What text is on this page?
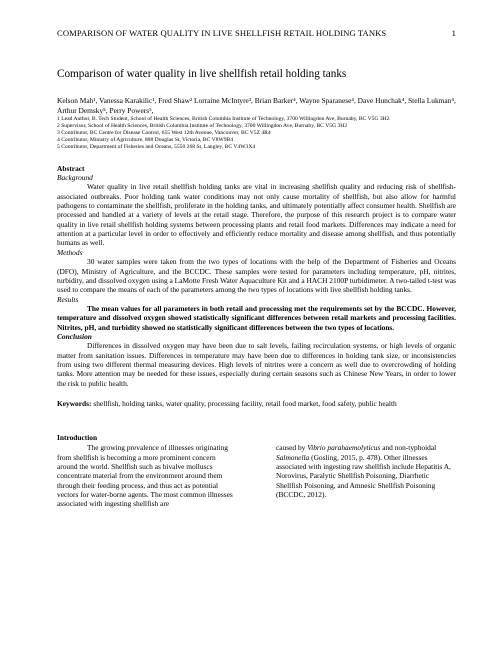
COMPARISON OF WATER QUALITY IN LIVE SHELLFISH RETAIL HOLDING TANKS	1
Comparison of water quality in live shellfish retail holding tanks
Kelson Mah¹, Vanessa Karakilic¹, Fred Shaw² Lorraine McIntyre³, Brian Barker⁴, Wayne Sparanese⁴, Dave Hunchak⁴, Stella Lukman⁴, Arthur Demsky⁵, Perry Powers⁵,
1 Lead Author, B. Tech Student, School of Health Sciences, British Columbia Institute of Technology, 3700 Willingdon Ave, Burnaby, BC V5G 3H2
2 Supervisor, School of Health Sciences, British Columbia Institute of Technology, 3700 Willingdon Ave, Burnaby, BC V5G 3H2
3 Contributor, BC Centre for Disease Control, 655 West 12th Avenue, Vancouver, BC V5Z 4R4
4 Contributor, Ministry of Agriculture, 808 Douglas St, Victoria, BC V8W9B4
5 Contributor, Department of Fisheries and Oceans, 5550 268 St, Langley, BC V4W3X4

Abstract

Background

Water quality in live retail shellfish holding tanks are vital in increasing shellfish quality and reducing risk of shellfish-associated outbreaks. Poor holding tank water conditions may not only cause mortality of shellfish, but also allow for harmful pathogens to contaminate the shellfish, proliferate in the holding tanks, and ultimately potentially affect consumer health. Shellfish are processed and handled at a variety of levels at the retail stage. Therefore, the purpose of this research project is to compare water quality in live retail shellfish holding systems between processing plants and retail food markets. Differences may indicate a need for attention at a particular level in order to effectively and efficiently reduce mortality and disease among shellfish, and thus potentially humans as well.

Methods

30 water samples were taken from the two types of locations with the help of the Department of Fisheries and Oceans (DFO), Ministry of Agriculture, and the BCCDC. These samples were tested for parameters including temperature, pH, nitrites, turbidity, and dissolved oxygen using a LaMotte Fresh Water Aquaculture Kit and a HACH 2100P turbidimeter. A two-tailed t-test was used to compare the means of each of the parameters among the two types of locations with live shellfish holding tanks.

Results

The mean values for all parameters in both retail and processing met the requirements set by the BCCDC. However, temperature and dissolved oxygen showed statistically significant differences between retail markets and processing facilities. Nitrites, pH, and turbidity showed no statistically significant differences between the two types of locations.

Conclusion

Differences in dissolved oxygen may have been due to salt levels, failing recirculation systems, or high levels of organic matter from sanitation issues. Differences in temperature may have been due to differences in holding tank size, or inconsistencies from using two different thermal measuring devices. High levels of nitrites were a concern as well due to overcrowding of holding tanks. More attention may be needed for these issues, especially during certain seasons such as Chinese New Years, in order to lower the risk to public health.

Keywords: shellfish, holding tanks, water quality, processing facility, retail food market, food safety, public health

Introduction

The growing prevalence of illnesses originating from shellfish is becoming a more prominent concern around the world. Shellfish such as bivalve molluscs concentrate material from the environment around them through their feeding process, and thus act as potential vectors for water-borne agents. The most common illnesses associated with ingesting shellfish are

caused by Vibrio parahaemolyticus and non-typhoidal Salmonella (Gosling, 2015, p. 478). Other illnesses associated with ingesting raw shellfish include Hepatitis A, Norovirus, Paralytic Shellfish Poisoning, Diarrhetic Shellfish Poisoning, and Amnesic Shellfish Poisoning (BCCDC, 2012).
